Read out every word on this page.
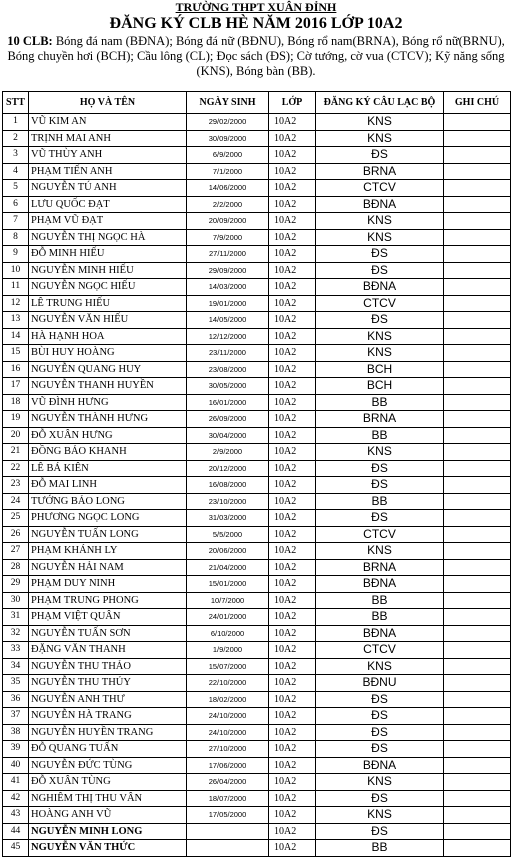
TRƯỜNG THPT XUÂN ĐỈNH
ĐĂNG KÝ CLB HÈ NĂM 2016 LỚP 10A2
10 CLB: Bóng đá nam (BĐNA); Bóng đá nữ (BĐNU), Bóng rổ nam(BRNA), Bóng rổ nữ(BRNU), Bóng chuyền hơi (BCH); Cầu lông (CL); Đọc sách (ĐS); Cờ tướng, cờ vua (CTCV); Kỹ năng sống (KNS), Bóng bàn (BB).
STT	HỌ VÀ TÊN	NGÀY SINH	LỚP	ĐĂNG KÝ CÂU LẠC BỘ	GHI CHÚ
1	VŨ KIM AN	29/02/2000	10A2	KNS	
2	TRỊNH MAI ANH	30/09/2000	10A2	KNS	
3	VŨ THÙY ANH	6/9/2000	10A2	ĐS	
4	PHẠM TIẾN ANH	7/1/2000	10A2	BRNA	
5	NGUYỄN TÚ ANH	14/06/2000	10A2	CTCV	
6	LƯU QUỐC ĐẠT	2/2/2000	10A2	BĐNA	
7	PHẠM VŨ ĐẠT	20/09/2000	10A2	KNS	
8	NGUYỄN THỊ NGỌC HÀ	7/9/2000	10A2	KNS	
9	ĐỖ MINH HIẾU	27/11/2000	10A2	ĐS	
10	NGUYỄN MINH HIẾU	29/09/2000	10A2	ĐS	
11	NGUYỄN NGỌC HIẾU	14/03/2000	10A2	BĐNA	
12	LÊ TRUNG HIẾU	19/01/2000	10A2	CTCV	
13	NGUYỄN VĂN HIẾU	14/05/2000	10A2	ĐS	
14	HÀ HẠNH HOA	12/12/2000	10A2	KNS	
15	BÙI HUY HOÀNG	23/11/2000	10A2	KNS	
16	NGUYỄN QUANG HUY	23/08/2000	10A2	BCH	
17	NGUYỄN THANH HUYỀN	30/05/2000	10A2	BCH	
18	VŨ ĐÌNH HƯNG	16/01/2000	10A2	BB	
19	NGUYỄN THÀNH HƯNG	26/09/2000	10A2	BRNA	
20	ĐỖ XUÂN HƯNG	30/04/2000	10A2	BB	
21	ĐỒNG BẢO KHANH	2/9/2000	10A2	KNS	
22	LÊ BÁ KIÊN	20/12/2000	10A2	ĐS	
23	ĐỖ MAI LINH	16/08/2000	10A2	ĐS	
24	TƯỚNG BẢO LONG	23/10/2000	10A2	BB	
25	PHƯƠNG NGỌC LONG	31/03/2000	10A2	ĐS	
26	NGUYỄN TUẤN LONG	5/5/2000	10A2	CTCV	
27	PHẠM KHÁNH LY	20/06/2000	10A2	KNS	
28	NGUYỄN HẢI NAM	21/04/2000	10A2	BRNA	
29	PHẠM DUY NINH	15/01/2000	10A2	BĐNA	
30	PHẠM TRUNG PHONG	10/7/2000	10A2	BB	
31	PHẠM VIỆT QUÂN	24/01/2000	10A2	BB	
32	NGUYỄN TUẤN SƠN	6/10/2000	10A2	BĐNA	
33	ĐẶNG VĂN THANH	1/9/2000	10A2	CTCV	
34	NGUYỄN THU THẢO	15/07/2000	10A2	KNS	
35	NGUYỄN THU THỦY	22/10/2000	10A2	BĐNU	
36	NGUYỄN ANH THƯ	18/02/2000	10A2	ĐS	
37	NGUYỄN HÀ TRANG	24/10/2000	10A2	ĐS	
38	NGUYỄN HUYỀN TRANG	24/10/2000	10A2	ĐS	
39	ĐỖ QUANG TUẤN	27/10/2000	10A2	ĐS	
40	NGUYỄN ĐỨC TÙNG	17/06/2000	10A2	BĐNA	
41	ĐỖ XUÂN TÙNG	26/04/2000	10A2	KNS	
42	NGHIÊM THỊ THU VÂN	18/07/2000	10A2	ĐS	
43	HOÀNG ANH VŨ	17/05/2000	10A2	KNS	
44	NGUYỄN MINH LONG		10A2	ĐS	
45	NGUYỄN VĂN THỨC		10A2	BB	
